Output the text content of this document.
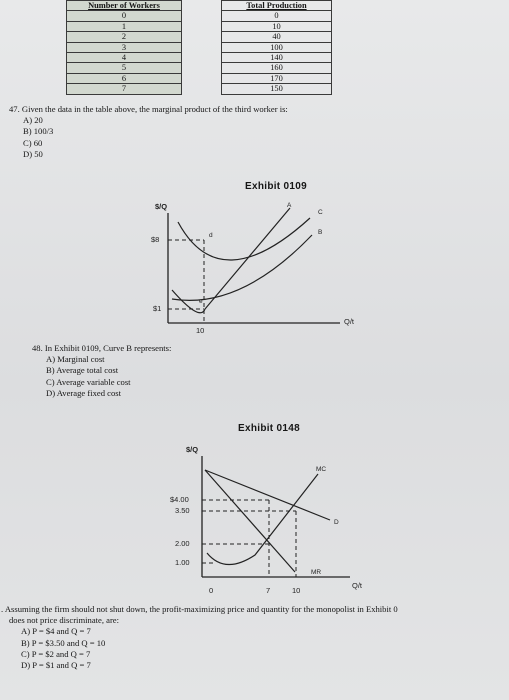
Number of Workers		Total Production
0		0
1		10
2		40
3		100
4		140
5		160
6		170
7		150

47. Given the data in the table above, the marginal product of the third worker is:

A) 20
B) 100/3
C) 60
D) 50
Exhibit 0109
$/Q
Q/t
$8
$1
10
A
C
B
d
e

48. In Exhibit 0109, Curve B represents:

A) Marginal cost
B) Average total cost
C) Average variable cost
D) Average fixed cost
Exhibit 0148
$/Q
Q/t
$4.00
3.50
2.00
1.00
0	7	10
MC
D
MR

. Assuming the firm should not shut down, the profit-maximizing price and quantity for the monopolist in Exhibit 0

does not price discriminate, are:

A) P = $4 and Q = 7
B) P = $3.50 and Q = 10
C) P = $2 and Q = 7
D) P = $1 and Q = 7
